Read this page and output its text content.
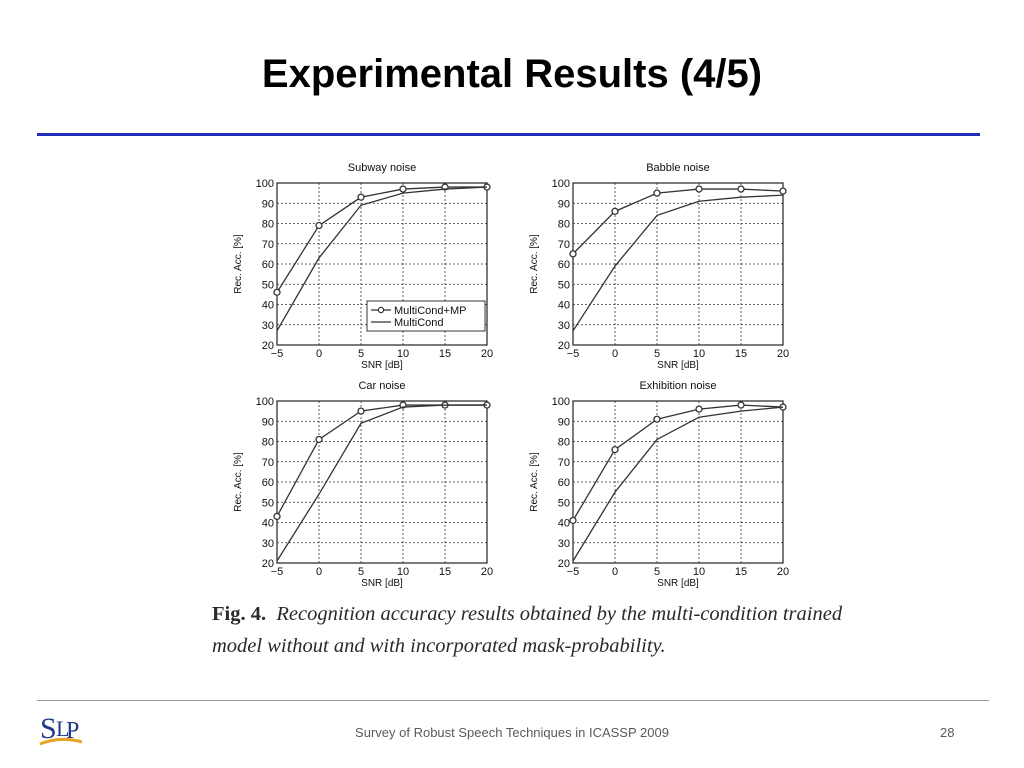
Experimental Results (4/5)
Subway noise
20
30
40
50
60
70
80
90
100
−5	0	5	10	15	20
SNR [dB]
Rec. Acc. [%]
MultiCond+MP
MultiCond
Babble noise
20
30
40
50
60
70
80
90
100
−5	0	5	10	15	20
SNR [dB]
Rec. Acc. [%]
Car noise
20
30
40
50
60
70
80
90
100
−5	0	5	10	15	20
SNR [dB]
Rec. Acc. [%]
Exhibition noise
20
30
40
50
60
70
80
90
100
−5	0	5	10	15	20
SNR [dB]
Rec. Acc. [%]

Fig. 4. Recognition accuracy results obtained by the multi-condition trained model without and with incorporated mask-probability.

S L
P	Survey of Robust Speech Techniques in ICASSP 2009	28
